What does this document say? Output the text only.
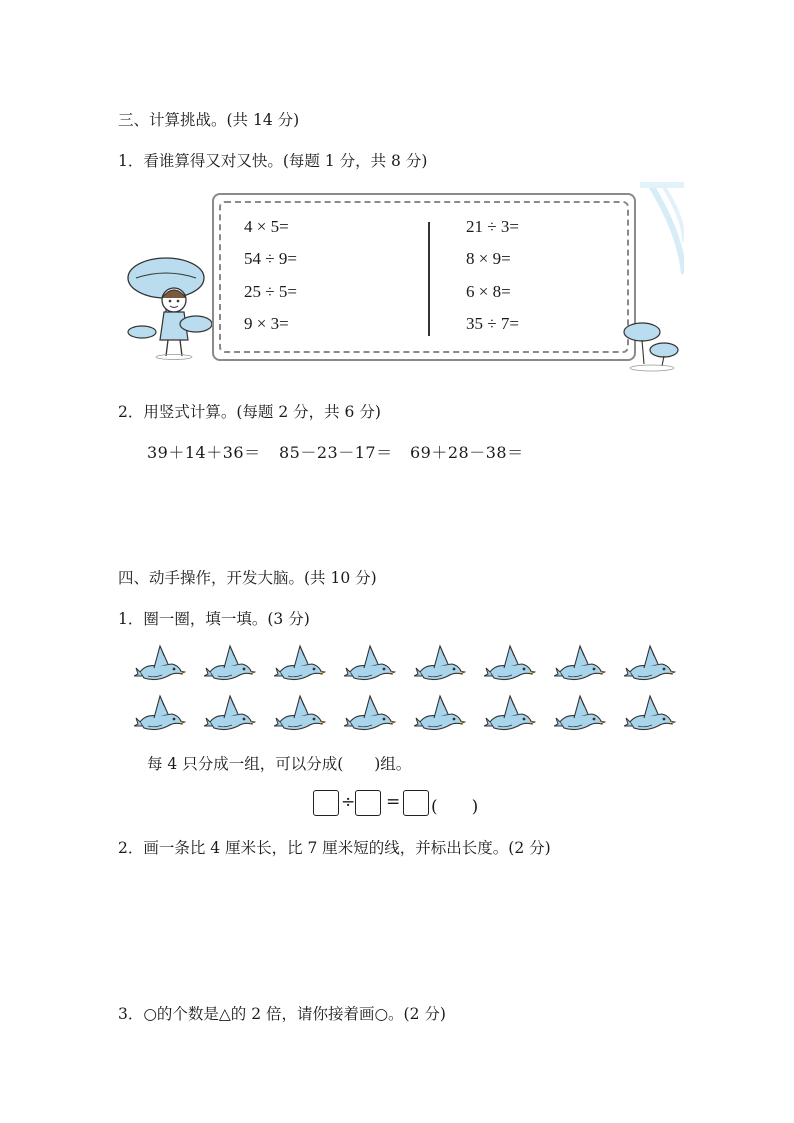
三、计算挑战。(共 14 分)
1．看谁算得又对又快。(每题 1 分，共 8 分)
4 × 5=
54 ÷ 9=
25 ÷ 5=
9 × 3=
21 ÷ 3=
8 × 9=
6 × 8=
35 ÷ 7=
2．用竖式计算。(每题 2 分，共 6 分)
39＋14＋36＝ 85－23－17＝ 69＋28－38＝
四、动手操作，开发大脑。(共 10 分)
1．圈一圈，填一填。(3 分)
每 4 只分成一组，可以分成(　　)组。
÷ = (　　)
2．画一条比 4 厘米长，比 7 厘米短的线，并标出长度。(2 分)
3．○的个数是△的 2 倍，请你接着画○。(2 分)
